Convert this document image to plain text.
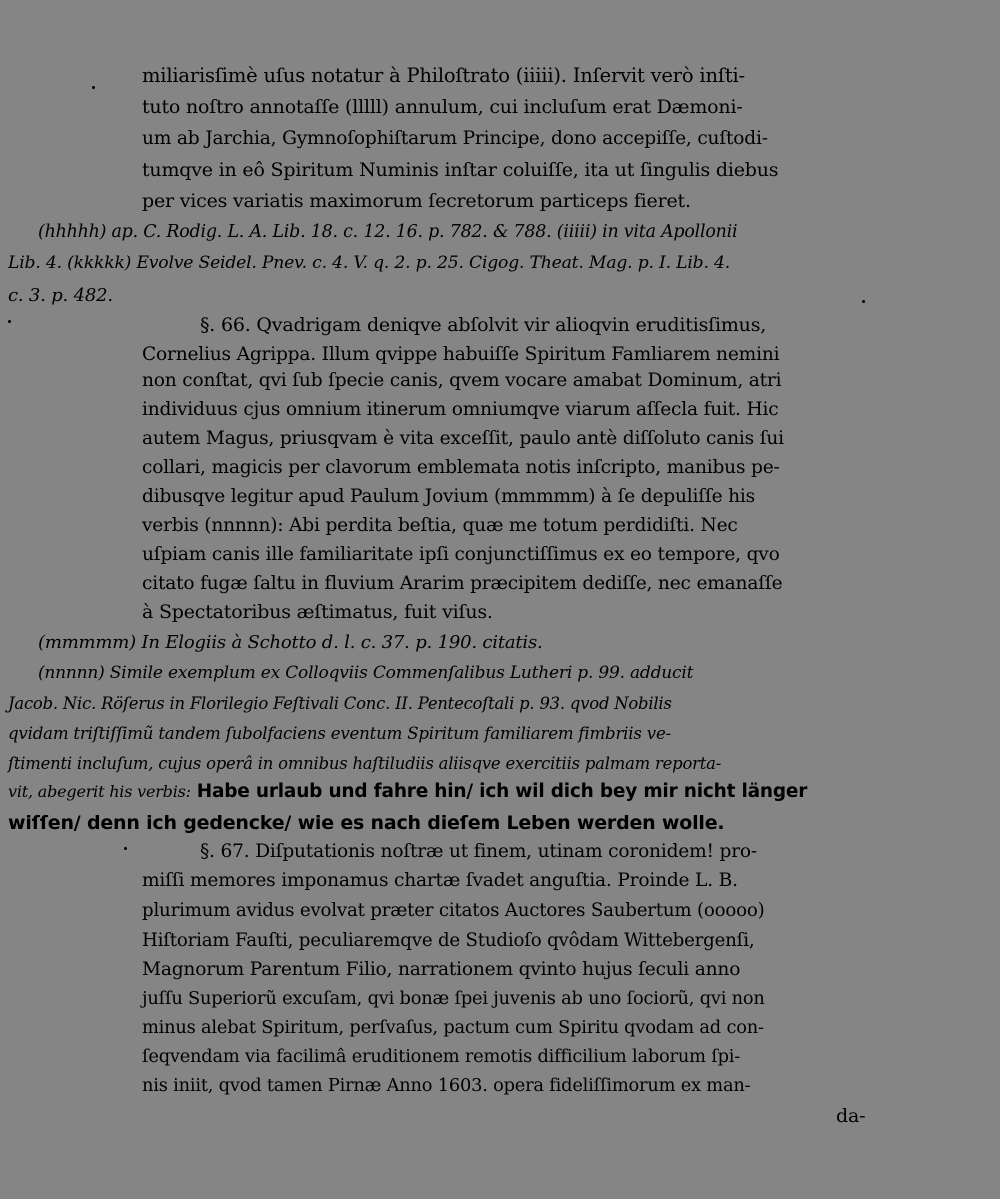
miliarisſimè uſus notatur à Philoſtrato (iiiii). Inſervit verò inſti-
tuto noſtro annotaſſe (lllll) annulum, cui incluſum erat Dæmoni-
um ab Jarchia, Gymnoſophiſtarum Principe, dono accepiſſe, cuſtodi-
tumqve in eô Spiritum Numinis inſtar coluiſſe, ita ut ſingulis diebus
per vices variatis maximorum ſecretorum particeps fieret.
(hhhhh) ap. C. Rodig. L. A. Lib. 18. c. 12. 16. p. 782. & 788. (iiiii) in vita Apollonii
Lib. 4. (kkkkk) Evolve Seidel. Pnev. c. 4. V. q. 2. p. 25. Cigog. Theat. Mag. p. I. Lib. 4.
c. 3. p. 482.
§. 66. Qvadrigam deniqve abſolvit vir alioqvin eruditisſimus,
Cornelius Agrippa. Illum qvippe habuiſſe Spiritum Famliarem nemini
non conſtat, qvi ſub ſpecie canis, qvem vocare amabat Dominum, atri
individuus cjus omnium itinerum omniumqve viarum aſſecla fuit. Hic
autem Magus, priusqvam è vita exceſſit, paulo antè diſſoluto canis ſui
collari, magicis per clavorum emblemata notis inſcripto, manibus pe-
dibusqve legitur apud Paulum Jovium (mmmmm) à ſe depuliſſe his
verbis (nnnnn): Abi perdita beſtia, quæ me totum perdidiſti. Nec
uſpiam canis ille familiaritate ipſi conjunctiſſimus ex eo tempore, qvo
citato fugæ ſaltu in fluvium Ararim præcipitem dediſſe, nec emanaſſe
à Spectatoribus æſtimatus, fuit viſus.
(mmmmm) In Elogiis à Schotto d. l. c. 37. p. 190. citatis.
(nnnnn) Simile exemplum ex Colloqviis Commenſalibus Lutheri p. 99. adducit
Jacob. Nic. Röſerus in Florilegio Feſtivali Conc. II. Pentecoſtali p. 93. qvod Nobilis
qvidam triſtiſſimũ tandem ſubolfaciens eventum Spiritum familiarem fimbriis ve-
ſtimenti incluſum, cujus operâ in omnibus haſtiludiis aliisqve exercitiis palmam reporta-
vit, abegerit his verbis: Habe urlaub und fahre hin/ ich wil dich bey mir nicht länger
wiſſen/ denn ich gedencke/ wie es nach dieſem Leben werden wolle.
§. 67. Diſputationis noſtræ ut finem, utinam coronidem! pro-
miſſi memores imponamus chartæ ſvadet anguſtia. Proinde L. B.
plurimum avidus evolvat præter citatos Auctores Saubertum (ooooo)
Hiſtoriam Fauſti, peculiaremqve de Studioſo qvôdam Wittebergenſi,
Magnorum Parentum Filio, narrationem qvinto hujus ſeculi anno
juſſu Superiorũ excuſam, qvi bonæ ſpei juvenis ab uno ſociorũ, qvi non
minus alebat Spiritum, perſvaſus, pactum cum Spiritu qvodam ad con-
ſeqvendam via facilimâ eruditionem remotis difficilium laborum ſpi-
nis iniit, qvod tamen Pirnæ Anno 1603. opera fideliſſimorum ex man-
da-
